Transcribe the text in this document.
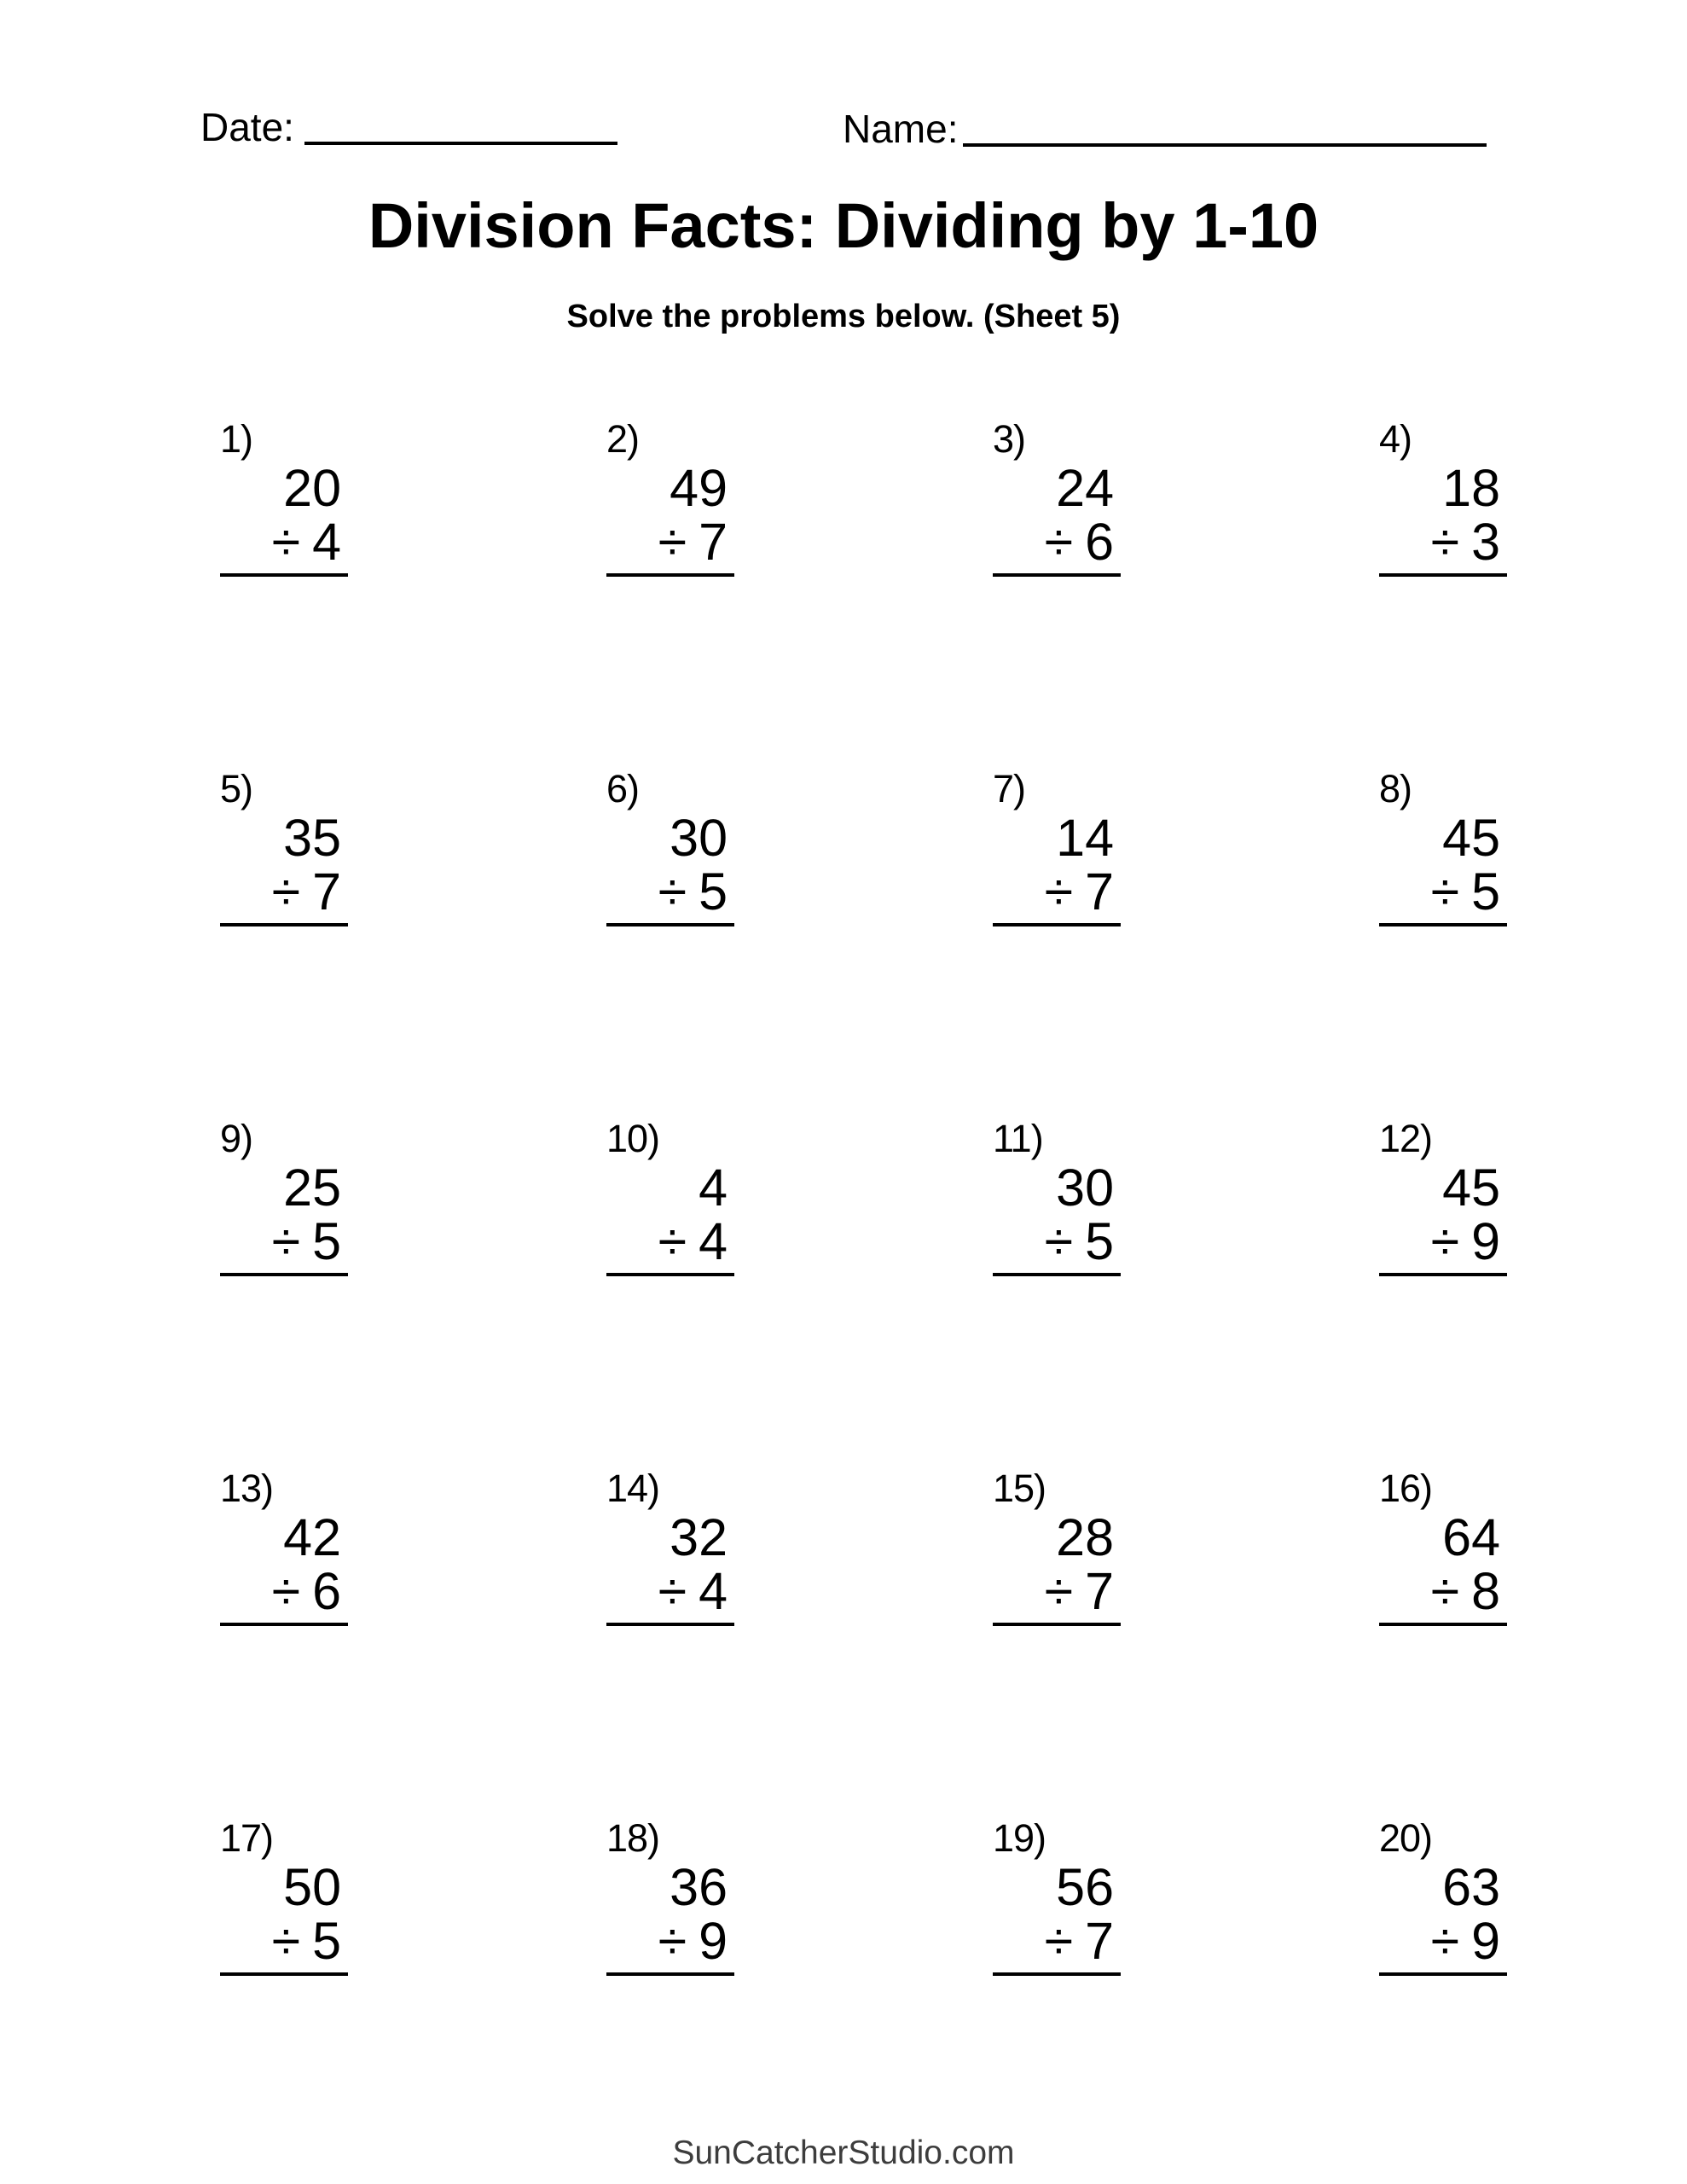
Date:	Name:
Division Facts: Dividing by 1-10
Solve the problems below. (Sheet 5)
1)
20
÷ 4
2)
49
÷ 7
3)
24
÷ 6
4)
18
÷ 3
5)
35
÷ 7
6)
30
÷ 5
7)
14
÷ 7
8)
45
÷ 5
9)
25
÷ 5
10)
4
÷ 4
11)
30
÷ 5
12)
45
÷ 9
13)
42
÷ 6
14)
32
÷ 4
15)
28
÷ 7
16)
64
÷ 8
17)
50
÷ 5
18)
36
÷ 9
19)
56
÷ 7
20)
63
÷ 9
SunCatcherStudio.com
